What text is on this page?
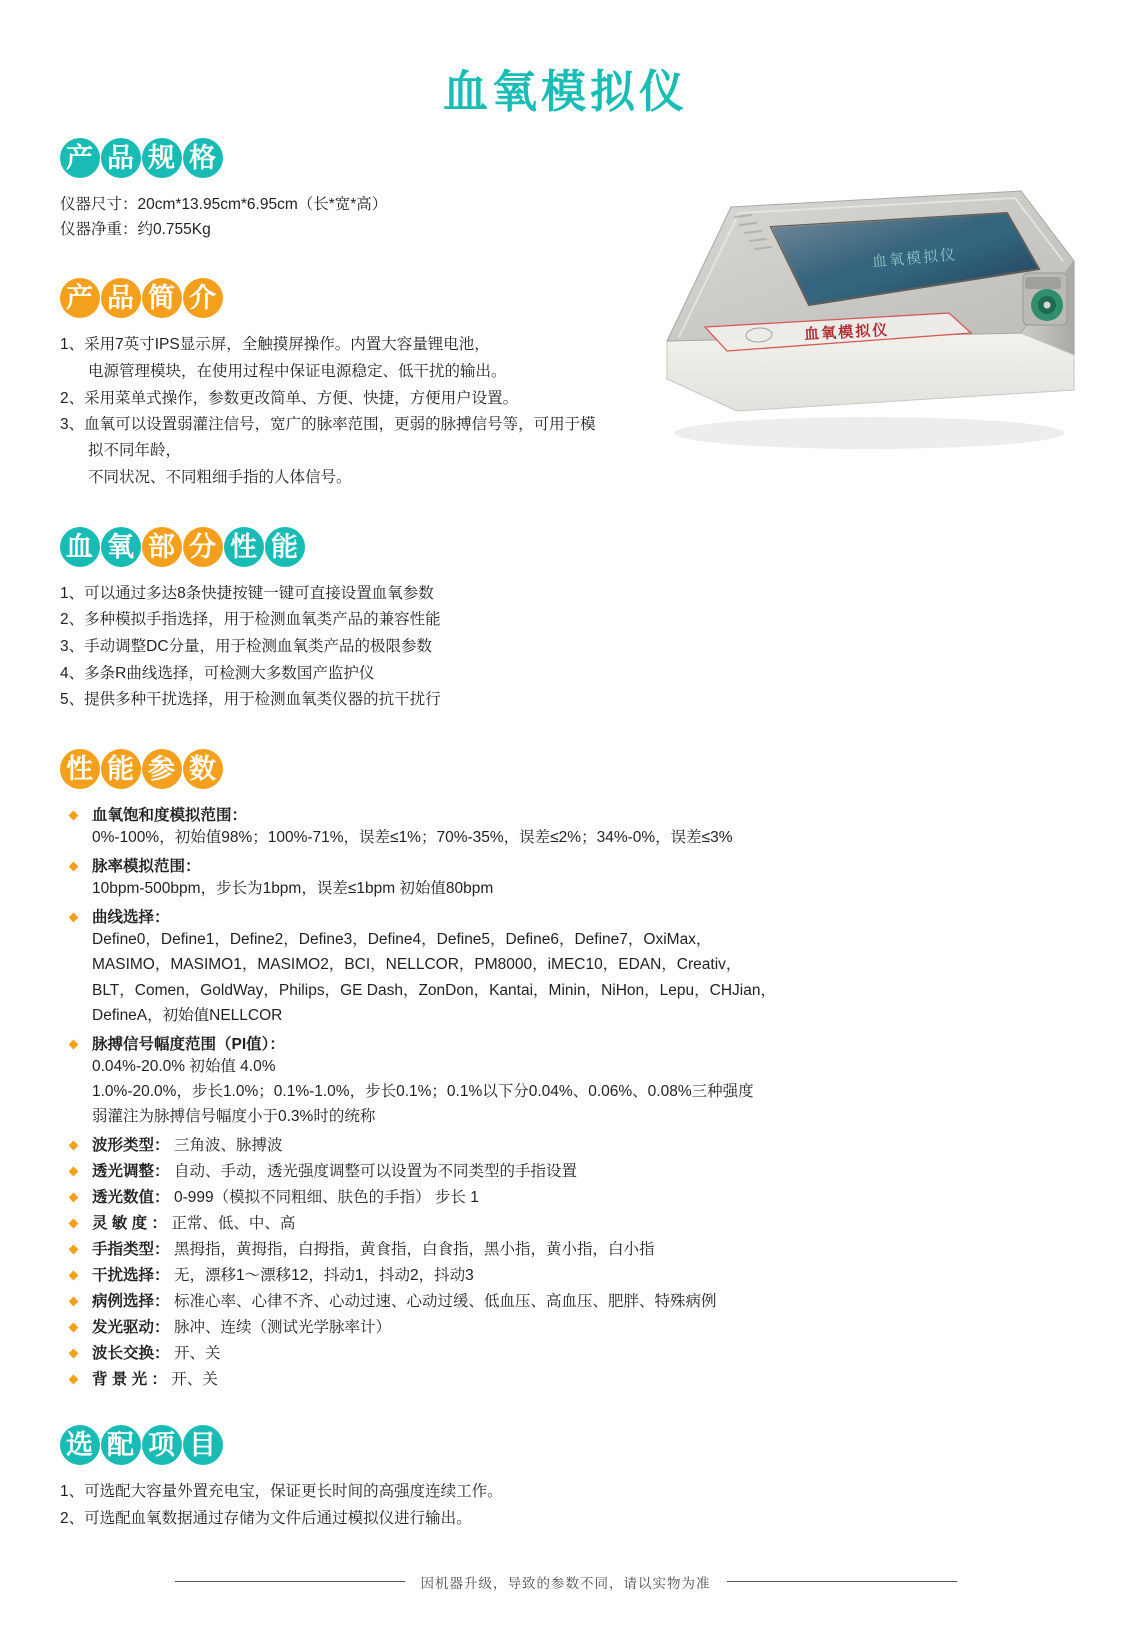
血氧模拟仪
血氧模拟仪
血氧模拟仪
产 品 规 格
仪器尺寸：20cm*13.95cm*6.95cm（长*宽*高）
仪器净重：约0.755Kg
产 品 简 介
1、采用7英寸IPS显示屏，全触摸屏操作。内置大容量锂电池，
电源管理模块，在使用过程中保证电源稳定、低干扰的输出。
2、采用菜单式操作，参数更改简单、方便、快捷，方便用户设置。
3、血氧可以设置弱灌注信号，宽广的脉率范围，更弱的脉搏信号等，可用于模拟不同年龄，
不同状况、不同粗细手指的人体信号。
血 氧 部 分 性 能
1、可以通过多达8条快捷按键一键可直接设置血氧参数
2、多种模拟手指选择，用于检测血氧类产品的兼容性能
3、手动调整DC分量，用于检测血氧类产品的极限参数
4、多条R曲线选择，可检测大多数国产监护仪
5、提供多种干扰选择，用于检测血氧类仪器的抗干扰行
性 能 参 数
血氧饱和度模拟范围：
0%-100%，初始值98%；100%-71%，误差≤1%；70%-35%，误差≤2%；34%-0%，误差≤3%
脉率模拟范围：
10bpm-500bpm，步长为1bpm，误差≤1bpm 初始值80bpm
曲线选择：
Define0，Define1，Define2，Define3，Define4，Define5，Define6，Define7，OxiMax，
MASIMO，MASIMO1，MASIMO2，BCI，NELLCOR，PM8000，iMEC10，EDAN，Creativ，
BLT，Comen，GoldWay，Philips，GE Dash，ZonDon，Kantai，Minin，NiHon，Lepu，CHJian，
DefineA，初始值NELLCOR
脉搏信号幅度范围（PI值）：
0.04%-20.0% 初始值 4.0%
1.0%-20.0%，步长1.0%；0.1%-1.0%，步长0.1%；0.1%以下分0.04%、0.06%、0.08%三种强度
弱灌注为脉搏信号幅度小于0.3%时的统称
波形类型： 三角波、脉搏波
透光调整： 自动、手动，透光强度调整可以设置为不同类型的手指设置
透光数值： 0-999（模拟不同粗细、肤色的手指） 步长 1
灵 敏 度 ： 正常、低、中、高
手指类型： 黑拇指，黄拇指，白拇指，黄食指，白食指，黑小指，黄小指，白小指
干扰选择： 无，漂移1～漂移12，抖动1，抖动2，抖动3
病例选择： 标准心率、心律不齐、心动过速、心动过缓、低血压、高血压、肥胖、特殊病例
发光驱动： 脉冲、连续（测试光学脉率计）
波长交换： 开、关
背 景 光 ： 开、关
选 配 项 目
1、可选配大容量外置充电宝，保证更长时间的高强度连续工作。
2、可选配血氧数据通过存储为文件后通过模拟仪进行输出。
因机器升级，导致的参数不同，请以实物为准
